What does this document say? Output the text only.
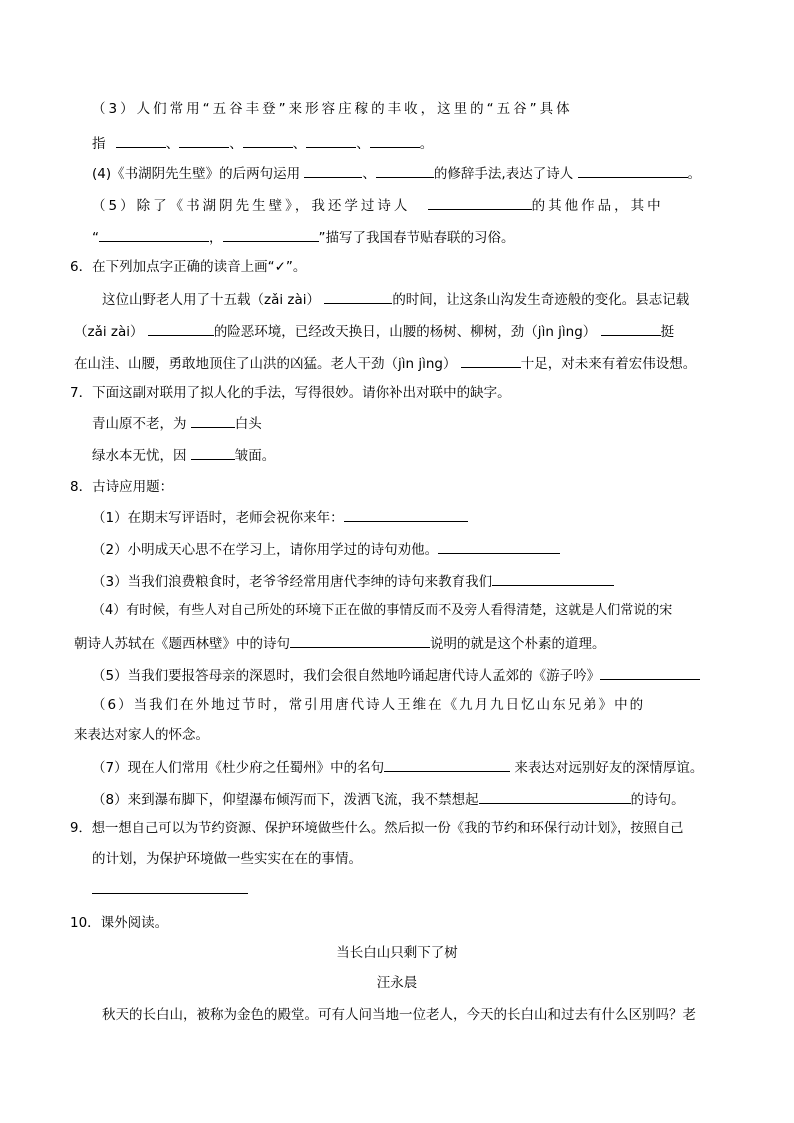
（3）人们常用“五谷丰登”来形容庄稼的丰收，这里的“五谷”具体
指	、	、	、	、	。
(4)《书湖阴先生壁》的后两句运用	、	的修辞手法,表达了诗人	。
（5）除了《书湖阴先生壁》，我还学过诗人	的其他作品，其中
“	，	”描写了我国春节贴春联的习俗。
6．在下列加点字正确的读音上画“✓”。
这位山野老人用了十五载（zǎi zài）	的时间，让这条山沟发生奇迹般的变化。县志记载
（zǎi zài）	的险恶环境，已经改天换日，山腰的杨树、柳树，劲（jìn jìng）	挺
在山洼、山腰，勇敢地顶住了山洪的凶猛。老人干劲（jìn jìng）	十足，对未来有着宏伟设想。
7．下面这副对联用了拟人化的手法，写得很妙。请你补出对联中的缺字。
青山原不老，为	白头
绿水本无忧，因	皱面。
8．古诗应用题：
（1）在期末写评语时，老师会祝你来年：
（2）小明成天心思不在学习上，请你用学过的诗句劝他。
（3）当我们浪费粮食时，老爷爷经常用唐代李绅的诗句来教育我们
（4）有时候，有些人对自己所处的环境下正在做的事情反而不及旁人看得清楚，这就是人们常说的宋
朝诗人苏轼在《题西林壁》中的诗句	说明的就是这个朴素的道理。
（5）当我们要报答母亲的深恩时，我们会很自然地吟诵起唐代诗人孟郊的《游子吟》
（6）当我们在外地过节时，常引用唐代诗人王维在《九月九日忆山东兄弟》中的
来表达对家人的怀念。
（7）现在人们常用《杜少府之任蜀州》中的名句	来表达对远别好友的深情厚谊。
（8）来到瀑布脚下，仰望瀑布倾泻而下，泼洒飞流，我不禁想起	的诗句。
9．想一想自己可以为节约资源、保护环境做些什么。然后拟一份《我的节约和环保行动计划》，按照自己
的计划，为保护环境做一些实实在在的事情。
10．课外阅读。
当长白山只剩下了树
汪永晨
秋天的长白山，被称为金色的殿堂。可有人问当地一位老人，今天的长白山和过去有什么区别吗？老
